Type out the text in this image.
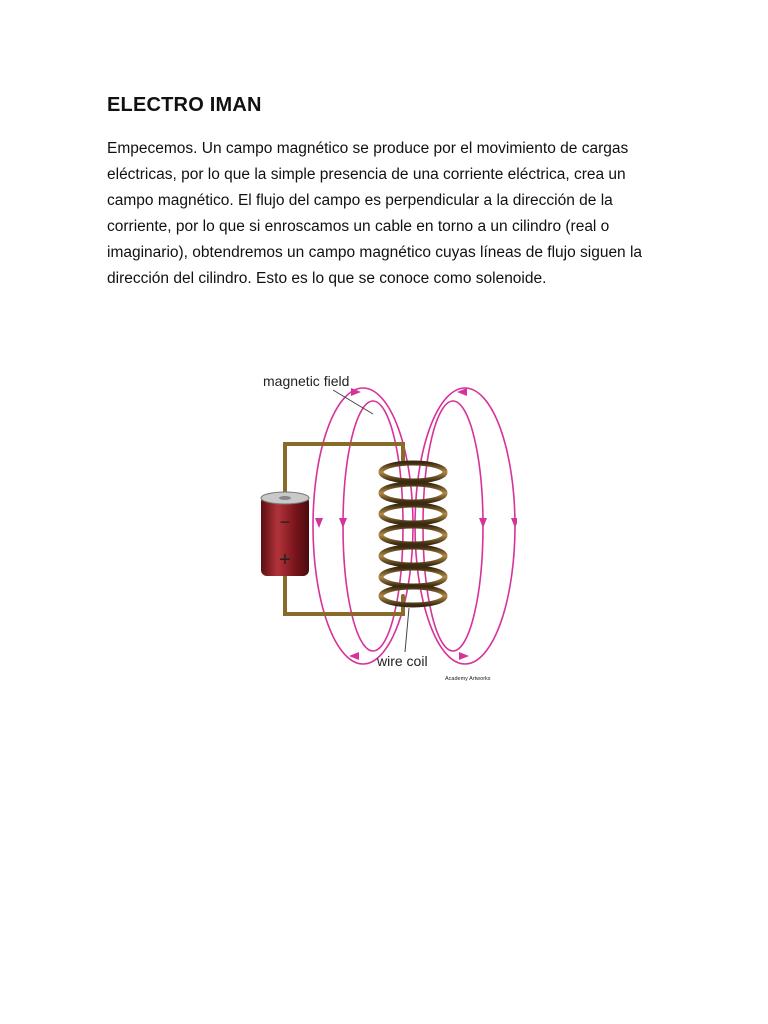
ELECTRO IMAN

Empecemos. Un campo magnético se produce por el movimiento de cargas eléctricas, por lo que la simple presencia de una corriente eléctrica, crea un campo magnético. El flujo del campo es perpendicular a la dirección de la corriente, por lo que si enroscamos un cable en torno a un cilindro (real o imaginario), obtendremos un campo magnético cuyas líneas de flujo siguen la dirección del cilindro. Esto es lo que se conoce como solenoide.

−
+
magnetic field
wire coil
Academy Artworks
